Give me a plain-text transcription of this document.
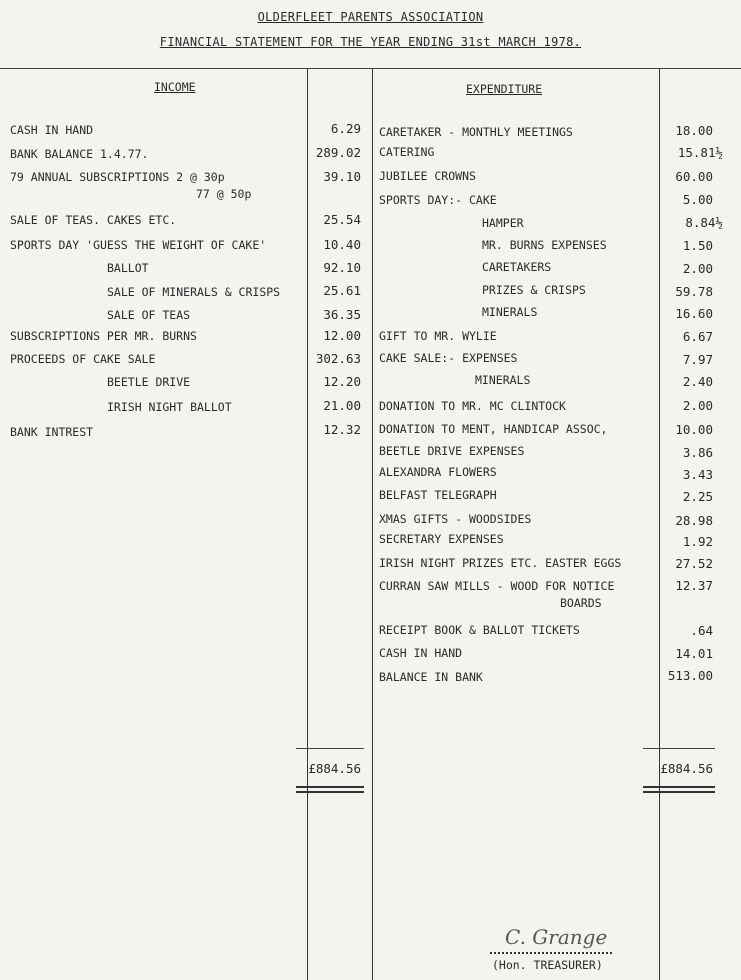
OLDERFLEET PARENTS ASSOCIATION
FINANCIAL STATEMENT FOR THE YEAR ENDING 31st MARCH 1978.
INCOME	EXPENDITURE
CASH IN HAND	6.29
BANK BALANCE 1.4.77.	289.02
79 ANNUAL SUBSCRIPTIONS 2 @ 30p	39.10
77 @ 50p
SALE OF TEAS. CAKES ETC.	25.54
SPORTS DAY 'GUESS THE WEIGHT OF CAKE'	10.40
BALLOT	92.10
SALE OF MINERALS & CRISPS	25.61
SALE OF TEAS	36.35
SUBSCRIPTIONS PER MR. BURNS	12.00
PROCEEDS OF CAKE SALE	302.63
BEETLE DRIVE	12.20
IRISH NIGHT BALLOT	21.00
BANK INTREST	12.32
CARETAKER - MONTHLY MEETINGS	18.00
CATERING	15.81½
JUBILEE CROWNS	60.00
SPORTS DAY:- CAKE	5.00
HAMPER	8.84½
MR. BURNS EXPENSES	1.50
CARETAKERS	2.00
PRIZES & CRISPS	59.78
MINERALS	16.60
GIFT TO MR. WYLIE	6.67
CAKE SALE:- EXPENSES	7.97
MINERALS	2.40
DONATION TO MR. MC CLINTOCK	2.00
DONATION TO MENT, HANDICAP ASSOC,	10.00
BEETLE DRIVE EXPENSES	3.86
ALEXANDRA FLOWERS	3.43
BELFAST TELEGRAPH	2.25
XMAS GIFTS - WOODSIDES	28.98
SECRETARY EXPENSES	1.92
IRISH NIGHT PRIZES ETC. EASTER EGGS	27.52
CURRAN SAW MILLS - WOOD FOR NOTICE	12.37
BOARDS
RECEIPT BOOK & BALLOT TICKETS	.64
CASH IN HAND	14.01
BALANCE IN BANK	513.00
£884.56	£884.56
C. Grange
(Hon. TREASURER)
